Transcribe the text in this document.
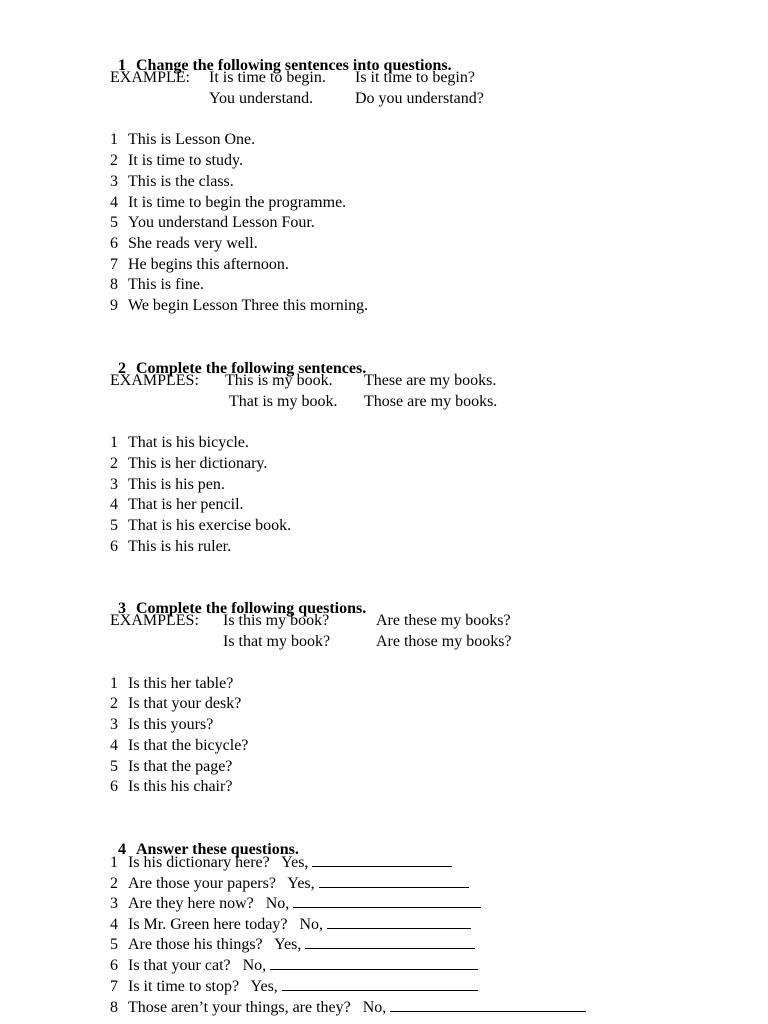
1 Change the following sentences into questions.

EXAMPLE: It is time to begin. Is it time to begin?
You understand.	Do you understand?
1 This is Lesson One.
2 It is time to study.
3 This is the class.
4 It is time to begin the programme.
5 You understand Lesson Four.
6 She reads very well.
7 He begins this afternoon.
8 This is fine.
9 We begin Lesson Three this morning.

2 Complete the following sentences.

EXAMPLES: This is my book. These are my books.
That is my book. Those are my books.
1 That is his bicycle.
2 This is her dictionary.
3 This is his pen.
4 That is her pencil.
5 That is his exercise book.
6 This is his ruler.

3 Complete the following questions.

EXAMPLES: Is this my book?	Are these my books?
Is that my book?	Are those my books?
1 Is this her table?
2 Is that your desk?
3 Is this yours?
4 Is that the bicycle?
5 Is that the page?
6 Is this his chair?

4 Answer these questions.

1 Is his dictionary here? Yes,
2 Are those your papers? Yes,
3 Are they here now? No,
4 Is Mr. Green here today? No,
5 Are those his things? Yes,
6 Is that your cat? No,
7 Is it time to stop? Yes,
8 Those aren’t your things, are they? No,
